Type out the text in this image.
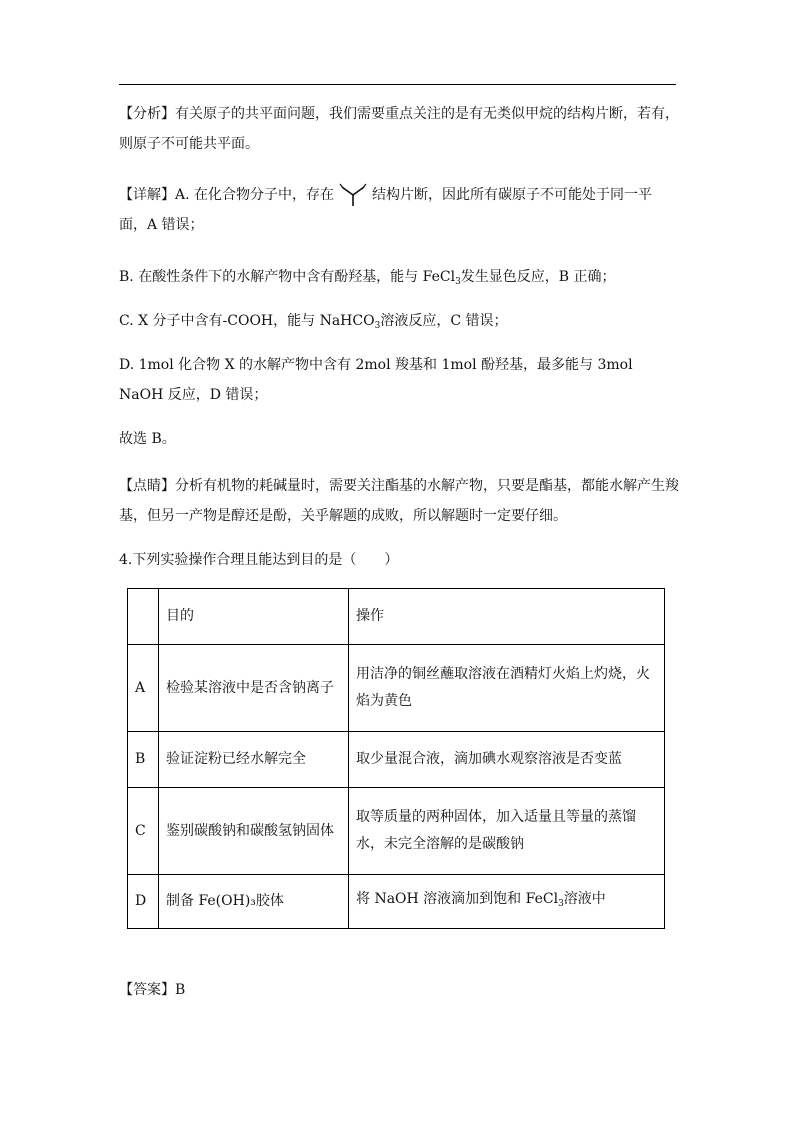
【分析】有关原子的共平面问题，我们需要重点关注的是有无类似甲烷的结构片断，若有，则原子不可能共平面。

【详解】A. 在化合物分子中，存在	结构片断，因此所有碳原子不可能处于同一平面，A 错误；

B. 在酸性条件下的水解产物中含有酚羟基，能与 FeCl$_3$发生显色反应，B 正确；

C. X 分子中含有-COOH，能与 NaHCO$_3$溶液反应，C 错误；

D. 1mol 化合物 X 的水解产物中含有 2mol 羧基和 1mol 酚羟基，最多能与 3mol NaOH 反应，D 错误；

故选 B。

【点睛】分析有机物的耗碱量时，需要关注酯基的水解产物，只要是酯基，都能水解产生羧基，但另一产物是醇还是酚，关乎解题的成败，所以解题时一定要仔细。

4.下列实验操作合理且能达到目的是（　　）

	目的	操作
A	检验某溶液中是否含钠离子	用洁净的铜丝蘸取溶液在酒精灯火焰上灼烧，火焰为黄色
B	验证淀粉已经水解完全	取少量混合液，滴加碘水观察溶液是否变蓝
C	鉴别碳酸钠和碳酸氢钠固体	取等质量的两种固体，加入适量且等量的蒸馏水，未完全溶解的是碳酸钠
D	制备 Fe(OH)₃胶体	将 NaOH 溶液滴加到饱和 FeCl$_3$溶液中

【答案】B
